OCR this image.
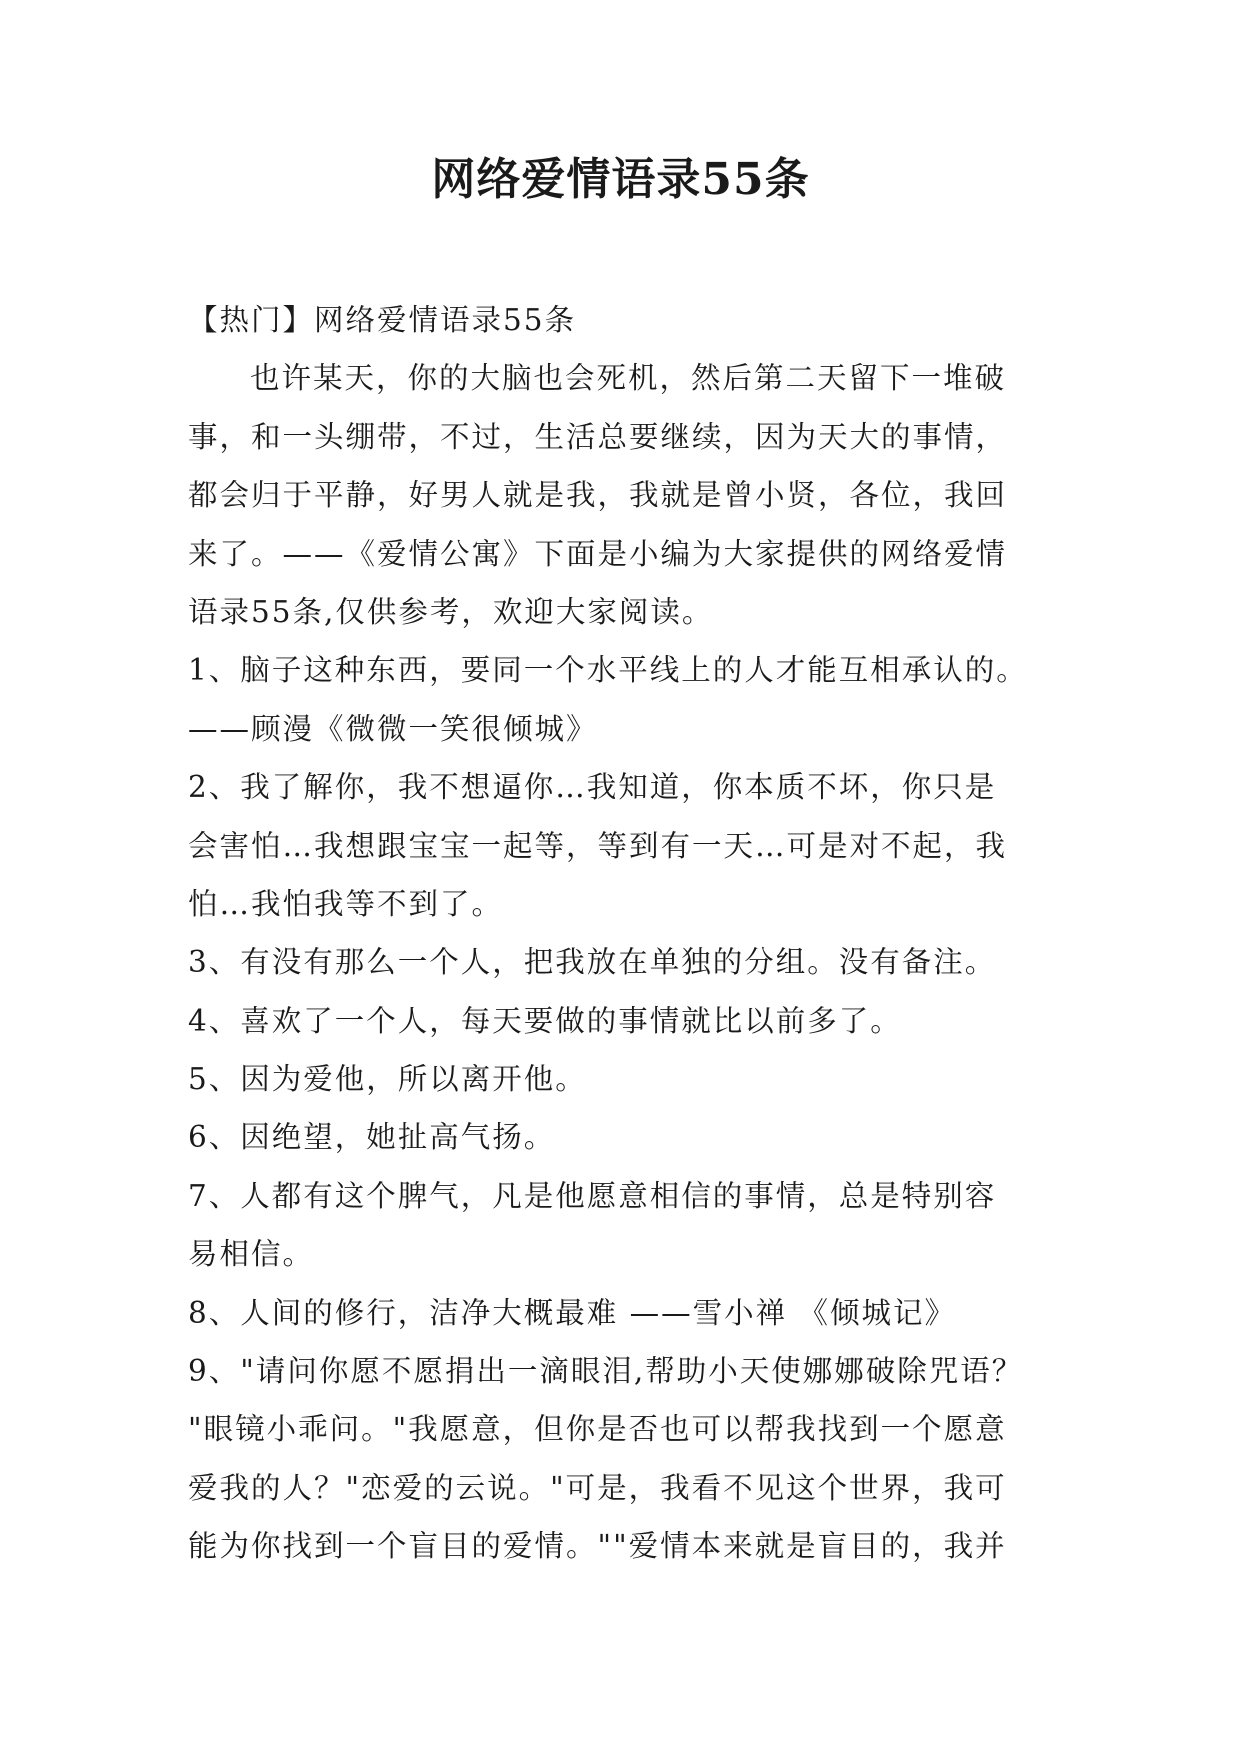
网络爱情语录55条
【热门】网络爱情语录55条
也许某天，你的大脑也会死机，然后第二天留下一堆破
事，和一头绷带，不过，生活总要继续，因为天大的事情，
都会归于平静，好男人就是我，我就是曾小贤，各位，我回
来了。——《爱情公寓》下面是小编为大家提供的网络爱情
语录55条,仅供参考，欢迎大家阅读。
1、脑子这种东西，要同一个水平线上的人才能互相承认的。
——顾漫《微微一笑很倾城》
2、我了解你，我不想逼你…我知道，你本质不坏，你只是
会害怕…我想跟宝宝一起等，等到有一天…可是对不起，我
怕…我怕我等不到了。
3、有没有那么一个人，把我放在单独的分组。没有备注。
4、喜欢了一个人，每天要做的事情就比以前多了。
5、因为爱他，所以离开他。
6、因绝望，她扯高气扬。
7、人都有这个脾气，凡是他愿意相信的事情，总是特别容
易相信。
8、人间的修行，洁净大概最难 ——雪小禅 《倾城记》
9、"请问你愿不愿捐出一滴眼泪,帮助小天使娜娜破除咒语？
"眼镜小乖问。"我愿意，但你是否也可以帮我找到一个愿意
爱我的人？"恋爱的云说。"可是，我看不见这个世界，我可
能为你找到一个盲目的爱情。""爱情本来就是盲目的，我并
